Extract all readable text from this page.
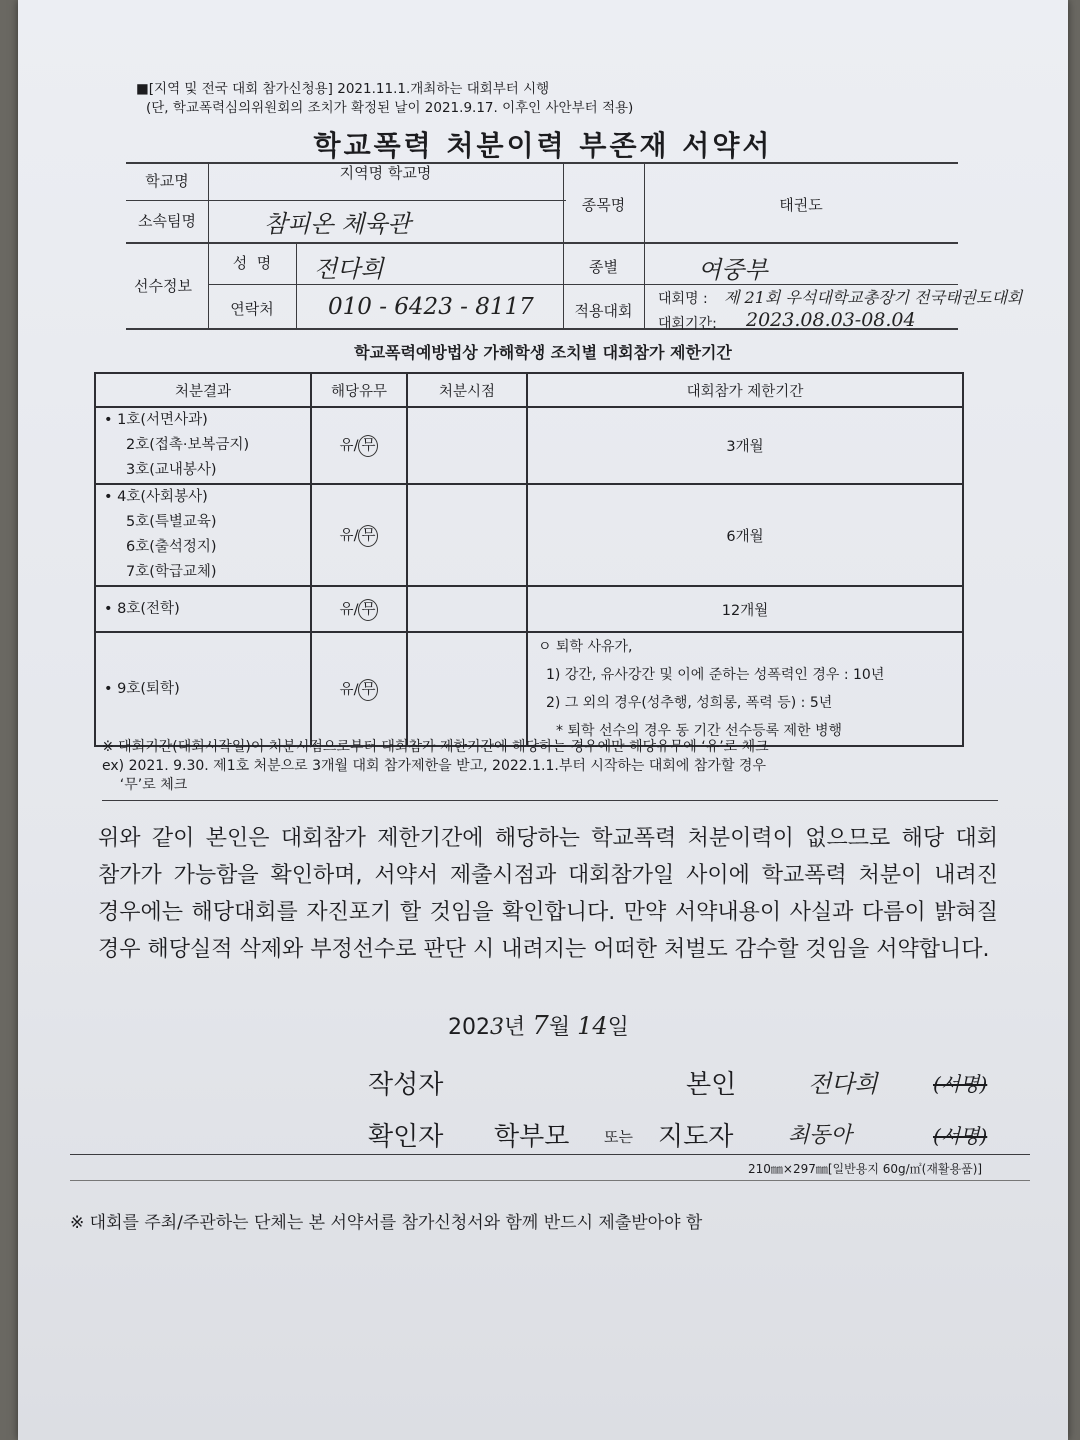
■[지역 및 전국 대회 참가신청용] 2021.11.1.개최하는 대회부터 시행
(단, 학교폭력심의위원회의 조치가 확정된 날이 2021.9.17. 이후인 사안부터 적용)
학교폭력 처분이력 부존재 서약서
학교명	지역명 학교명
소속팀명	참피온 체육관
종목명	태권도
선수정보
성  명	전다희
연락처	010 - 6423 - 8117
종별	여중부
적용대회
대회명 : 제 21회 우석대학교총장기 전국태권도대회
대회기간: 2023.08.03-08.04
학교폭력예방법상 가해학생 조치별 대회참가 제한기간
처분결과	해당유무	처분시점	대회참가 제한기간

• 1호(서면사과)
2호(접촉·보복금지)
3호(교내봉사)	유/ 무		3개월

• 4호(사회봉사)
5호(특별교육)
6호(출석정지)
7호(학급교체)	유/ 무		6개월

• 8호(전학)	유/ 무		12개월

• 9호(퇴학)	유/ 무		ㅇ 퇴학 사유가,
1) 강간, 유사강간 및 이에 준하는 성폭력인 경우 : 10년
2) 그 외의 경우(성추행, 성희롱, 폭력 등) : 5년
* 퇴학 선수의 경우 동 기간 선수등록 제한 병행
※ 대회기간(대회시작일)이 처분시점으로부터 대회참가 제한기간에 해당하는 경우에만 해당유무에 ‘유’로 체크
ex) 2021. 9.30. 제1호 처분으로 3개월 대회 참가제한을 받고, 2022.1.1.부터 시작하는 대회에 참가할 경우
‘무’로 체크
위와 같이 본인은 대회참가 제한기간에 해당하는 학교폭력 처분이력이 없으므로 해당 대회 참가가 가능함을 확인하며, 서약서 제출시점과 대회참가일 사이에 학교폭력 처분이 내려진 경우에는 해당대회를 자진포기 할 것임을 확인합니다. 만약 서약내용이 사실과 다름이 밝혀질 경우 해당실적 삭제와 부정선수로 판단 시 내려지는 어떠한 처벌도 감수할 것임을 서약합니다.
2023년 7월 14일
작성자	본인	전다희	(서명)
확인자 학부모 또는 지도자 최동아	(서명)
210㎜×297㎜[일반용지 60g/㎡(재활용품)]
※ 대회를 주최/주관하는 단체는 본 서약서를 참가신청서와 함께 반드시 제출받아야 함
